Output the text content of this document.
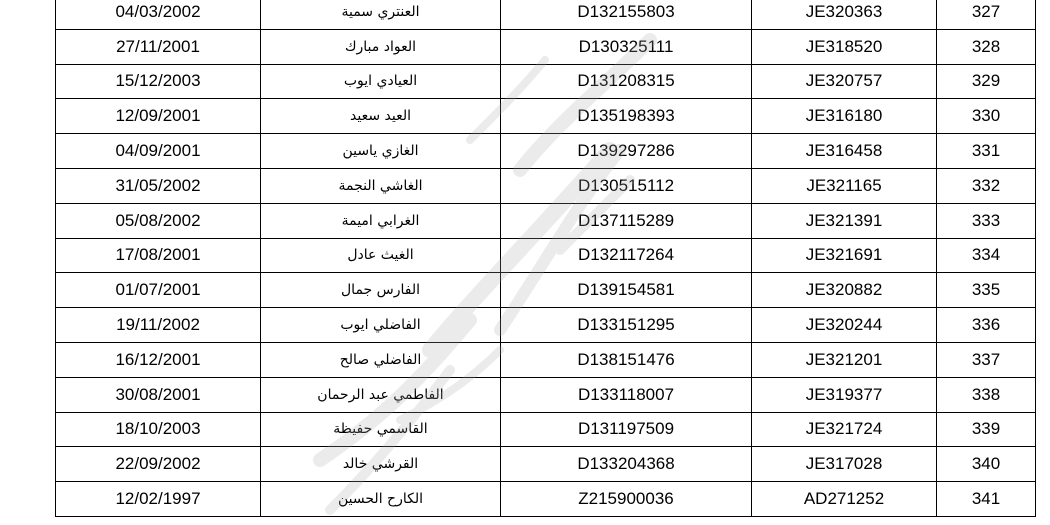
04/03/2002	العنتري سمية	D132155803	JE320363	327
27/11/2001	العواد مبارك	D130325111	JE318520	328
15/12/2003	العيادي ايوب	D131208315	JE320757	329
12/09/2001	العيد سعيد	D135198393	JE316180	330
04/09/2001	الغازي ياسين	D139297286	JE316458	331
31/05/2002	الغاشي النجمة	D130515112	JE321165	332
05/08/2002	الغرابي اميمة	D137115289	JE321391	333
17/08/2001	الغيث عادل	D132117264	JE321691	334
01/07/2001	الفارس جمال	D139154581	JE320882	335
19/11/2002	الفاضلي ايوب	D133151295	JE320244	336
16/12/2001	الفاضلي صالح	D138151476	JE321201	337
30/08/2001	الفاطمي عبد الرحمان	D133118007	JE319377	338
18/10/2003	القاسمي حفيظة	D131197509	JE321724	339
22/09/2002	القرشي خالد	D133204368	JE317028	340
12/02/1997	الكارح الحسين	Z215900036	AD271252	341
